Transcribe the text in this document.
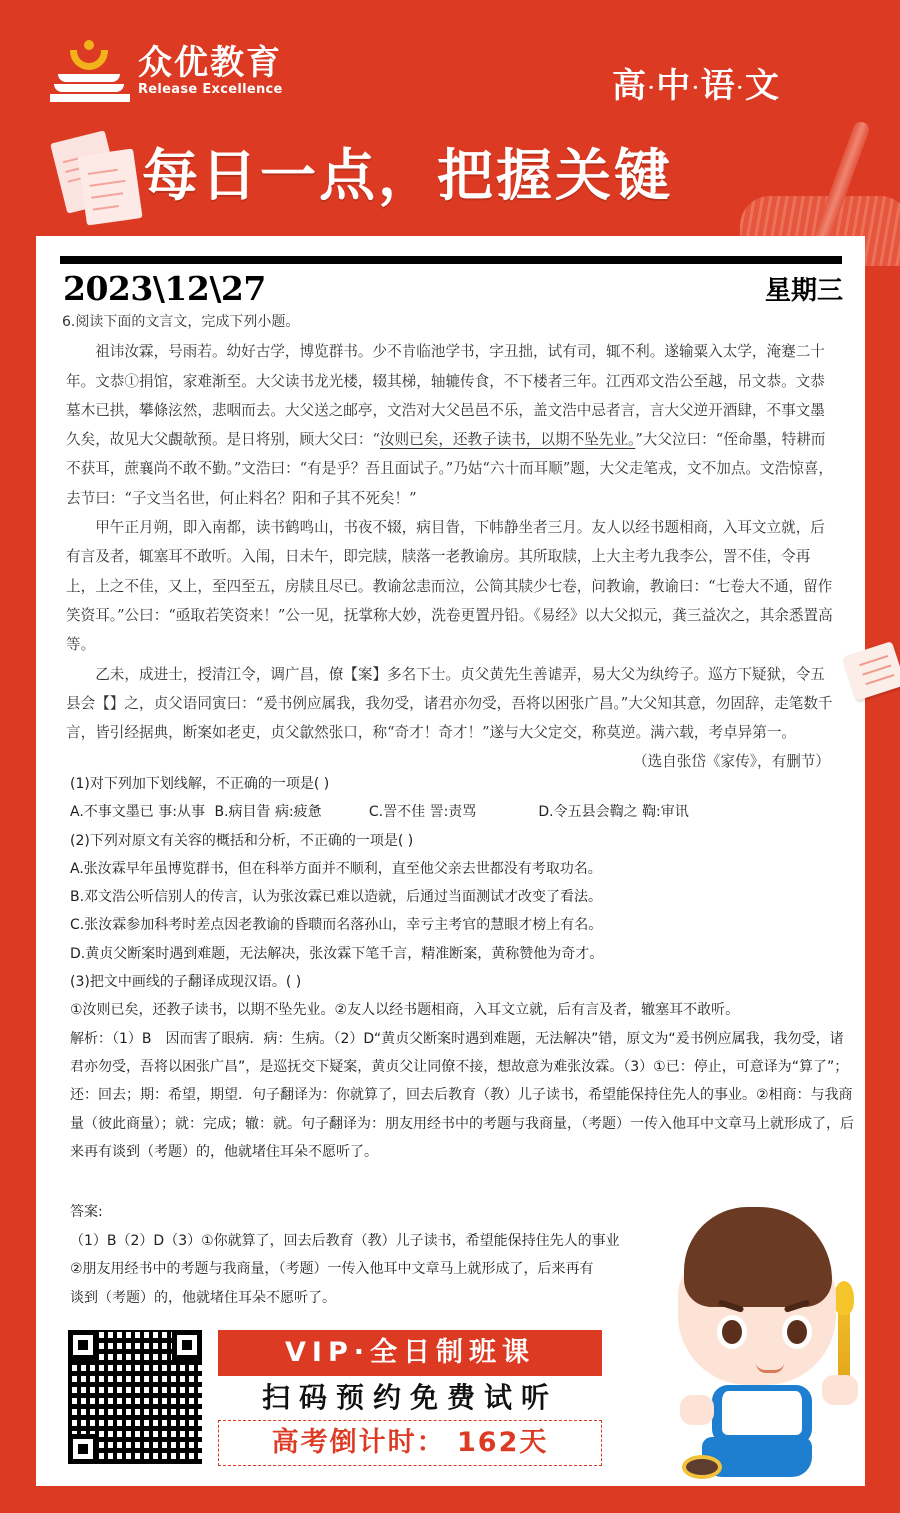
众优教育
Release Excellence	高·中·语·文
每日一点，把握关键
2023\12\27	星期三
6.阅读下面的文言文，完成下列小题。

祖讳汝霖，号雨若。幼好古学，博览群书。少不肯临池学书，字丑拙，试有司，辄不利。遂输粟入太学，淹蹇二十年。文恭①捐馆，家难渐至。大父读书龙光楼，辍其梯，轴辘传食，不下楼者三年。江西邓文浩公至越，吊文恭。文恭墓木已拱，攀條泫然，悲咽而去。大父送之邮亭，文浩对大父邑邑不乐，盖文浩中忌者言，言大父逆开酒肆，不事文墨久矣，故见大父覰欹预。是日将别，顾大父曰：“汝则已矣，还教子读书，以期不坠先业。”大父泣曰：“侄命墨，特耕而不获耳，蔗襄尚不敢不勤。”文浩曰：“有是乎？吾且面试子。”乃姑“六十而耳顺”题，大父走笔戎，文不加点。文浩惊喜，去节曰：“子文当名世，何止料名？阳和子其不死矣！”

甲午正月朔，即入南都，读书鹤鸣山，书夜不辍，病目眚，下帏静坐者三月。友人以经书题相商，入耳文立就，后有言及者，辄塞耳不敢听。入闱，日未午，即完牍，牍落一老教谕房。其所取牍，上大主考九我李公，詈不佳，令再上，上之不佳，又上，至四至五，房牍且尽已。教谕忿恚而泣，公简其牍少七卷，问教谕，教谕曰：“七卷大不通，留作笑资耳。”公曰：“亟取若笑资来！”公一见，抚掌称大妙，洗卷更置丹铅。《易经》以大父拟元，龚三益次之，其余悉置高等。

乙未，成进士，授清江令，调广昌，僚【案】多名下士。贞父黄先生善谑弄，易大父为纨绔子。巡方下疑狱，令五县会【】之，贞父语同寅曰：“爰书例应属我，我勿受，诸君亦勿受，吾将以困张广昌。”大父知其意，勿固辞，走笔数千言，皆引经据典，断案如老吏，贞父歙然张口，称“奇才！奇才！”遂与大父定交，称莫逆。满六载，考卓异第一。

（选自张岱《家传》，有删节）
(1)对下列加下划线解，不正确的一项是( )
A.不事文墨已 事:从事 B.病目眚 病:疲惫	C.詈不佳 詈:责骂	D.令五县会鞫之 鞫:审讯
(2)下列对原文有关容的概括和分析，不正确的一项是( )
A.张汝霖早年虽博览群书，但在科举方面并不顺利，直至他父亲去世都没有考取功名。
B.邓文浩公听信别人的传言，认为张汝霖已难以造就，后通过当面测试才改变了看法。
C.张汝霖参加科考时差点因老教谕的昏聩而名落孙山，幸亏主考官的慧眼才榜上有名。
D.黄贞父断案时遇到难题，无法解决，张汝霖下笔千言，精准断案，黄称赞他为奇才。
(3)把文中画线的子翻译成现汉语。( )
①汝则已矣，还教子读书，以期不坠先业。②友人以经书题相商，入耳文立就，后有言及者，辙塞耳不敢听。
解析：（1）B　因而害了眼病．病：生病。（2）D“黄贞父断案时遇到难题，无法解决”错，原文为“爰书例应属我，我勿受，诸君亦勿受，吾将以困张广昌”，是巡抚交下疑案，黄贞父让同僚不接，想故意为难张汝霖。（3）①已：停止，可意译为“算了”；还：回去；期：希望，期望．句子翻译为：你就算了，回去后教育（教）儿子读书，希望能保持住先人的事业。②相商：与我商量（彼此商量）；就：完成；辙：就。句子翻译为：朋友用经书中的考题与我商量，（考题）一传入他耳中文章马上就形成了，后来再有谈到（考题）的，他就堵住耳朵不愿听了。
答案:
（1）B（2）D（3）①你就算了，回去后教育（教）儿子读书，希望能保持住先人的事业
②朋友用经书中的考题与我商量，（考题）一传入他耳中文章马上就形成了，后来再有
谈到（考题）的，他就堵住耳朵不愿听了。
VIP·全日制班课
扫码预约免费试听
高考倒计时： 162天
